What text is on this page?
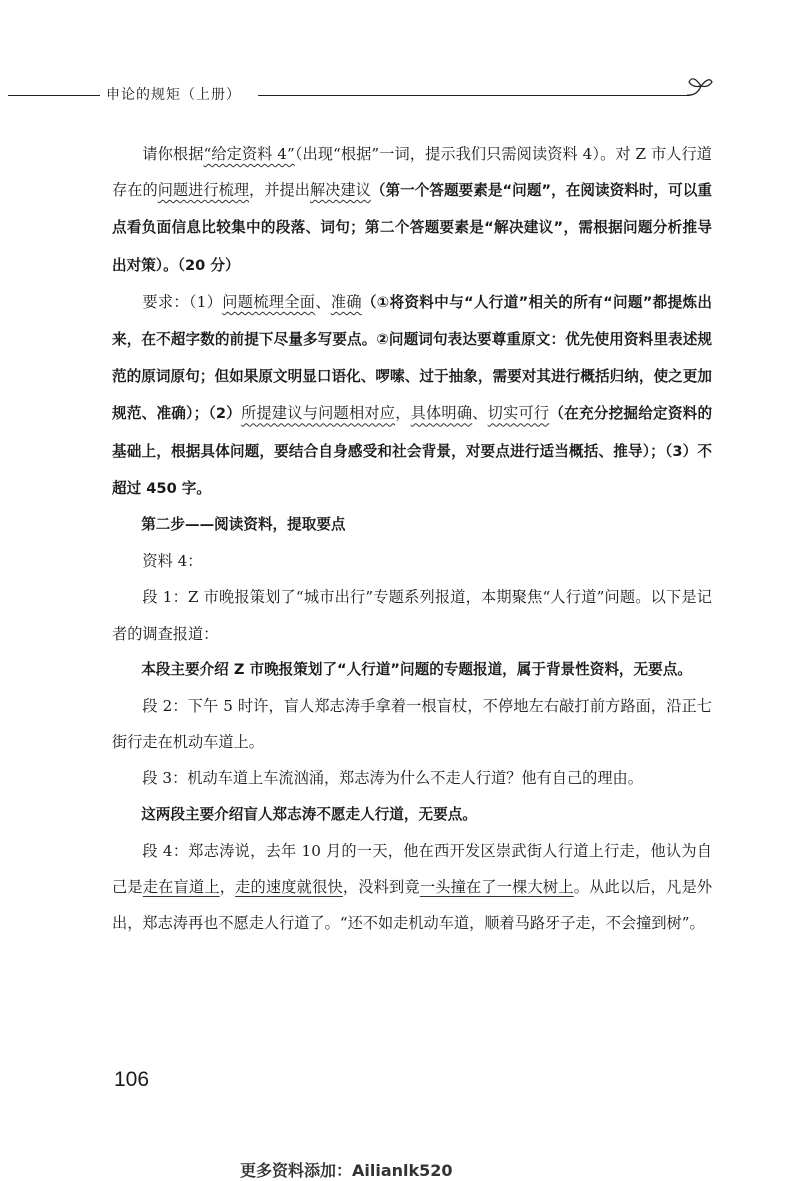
申论的规矩（上册）

请你根据“给定资料 4”（出现“根据”一词，提示我们只需阅读资料 4）。对 Z 市人行道存在的问题进行梳理，并提出解决建议（第一个答题要素是“问题”，在阅读资料时，可以重点看负面信息比较集中的段落、词句；第二个答题要素是“解决建议”，需根据问题分析推导出对策）。（20 分）

要求：（1）问题梳理全面、准确（①将资料中与“人行道”相关的所有“问题”都提炼出来，在不超字数的前提下尽量多写要点。②问题词句表达要尊重原文：优先使用资料里表述规范的原词原句；但如果原文明显口语化、啰嗦、过于抽象，需要对其进行概括归纳，使之更加规范、准确）；（2）所提建议与问题相对应，具体明确、切实可行（在充分挖掘给定资料的基础上，根据具体问题，要结合自身感受和社会背景，对要点进行适当概括、推导）；（3）不超过 450 字。

第二步——阅读资料，提取要点

资料 4：

段 1：Z 市晚报策划了“城市出行”专题系列报道，本期聚焦“人行道”问题。以下是记者的调查报道：

本段主要介绍 Z 市晚报策划了“人行道”问题的专题报道，属于背景性资料，无要点。

段 2：下午 5 时许，盲人郑志涛手拿着一根盲杖，不停地左右敲打前方路面，沿正七街行走在机动车道上。

段 3：机动车道上车流汹涌，郑志涛为什么不走人行道？他有自己的理由。

这两段主要介绍盲人郑志涛不愿走人行道，无要点。

段 4：郑志涛说，去年 10 月的一天，他在西开发区崇武街人行道上行走，他认为自己是走在盲道上，走的速度就很快，没料到竟一头撞在了一棵大树上。从此以后，凡是外出，郑志涛再也不愿走人行道了。“还不如走机动车道，顺着马路牙子走，不会撞到树”。

106
更多资料添加：Ailianlk520
